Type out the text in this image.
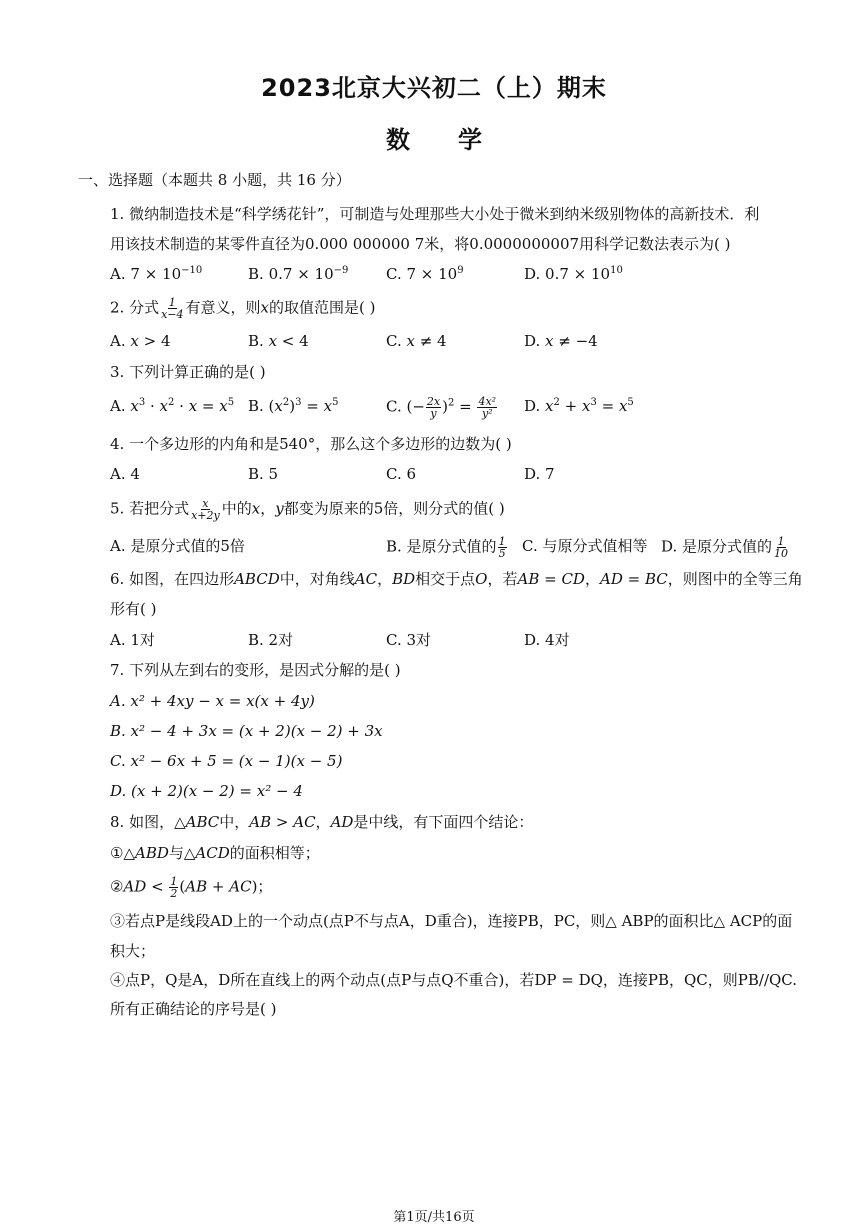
2023北京大兴初二（上）期末
数学
一、选择题（本题共 8 小题，共 16 分）
1. 微纳制造技术是“科学绣花针”，可制造与处理那些大小处于微米到纳米级别物体的高新技术．利
用该技术制造的某零件直径为0.000 000000 7米，将0.0000000007用科学记数法表示为( )
A. $7 \times 10^{-10}$	B. $0.7 \times 10^{-9}$	C. $7 \times 10^9$	D. $0.7 \times 10^{10}$
2. 分式 $\frac{1}{x-4}$ 有意义，则x的取值范围是( )
A. x > 4	B. x < 4	C. x ≠ 4	D. x ≠ −4
3. 下列计算正确的是( )
A. $x^3 \cdot x^2 \cdot x = x^5$ B. $(x^2)^3 = x^5$	C. (− $\frac{2x}{y} )^2 = \frac{\text{4x²}}{\text{y²}} D$. $x^2 + x^3 = x^5$
4. 一个多边形的内角和是540°，那么这个多边形的边数为( )
A. 4	B. 5	C. 6	D. 7
5. 若把分式 $\frac{x}{x+2y}$ 中的x，y都变为原来的5倍，则分式的值( )
A. 是原分式值的5倍	B. 是原分式值的 $\frac{1}{5} C$. 与原分式值相等 D. 是原分式值的 $\frac{1}{10}$
6. 如图，在四边形ABCD中，对角线AC，BD相交于点O，若AB = CD，AD = BC，则图中的全等三角
形有( )
A. 1对	B. 2对	C. 3对	D. 4对
7. 下列从左到右的变形，是因式分解的是( )
A. x² + 4xy − x = x(x + 4y)
B. x² − 4 + 3x = (x + 2)(x − 2) + 3x
C. x² − 6x + 5 = (x − 1)(x − 5)
D. (x + 2)(x − 2) = x² − 4
8. 如图，△ABC中，AB > AC，AD是中线，有下面四个结论：
①△ABD与△ACD的面积相等；
②AD < $\frac{1}{2} (AB + AC)$；
③若点P是线段AD上的一个动点(点P不与点A，D重合)，连接PB，PC，则△ ABP的面积比△ ACP的面
积大；
④点P，Q是A，D所在直线上的两个动点(点P与点Q不重合)，若DP = DQ，连接PB，QC，则PB//QC.
所有正确结论的序号是( )
第1页/共16页
